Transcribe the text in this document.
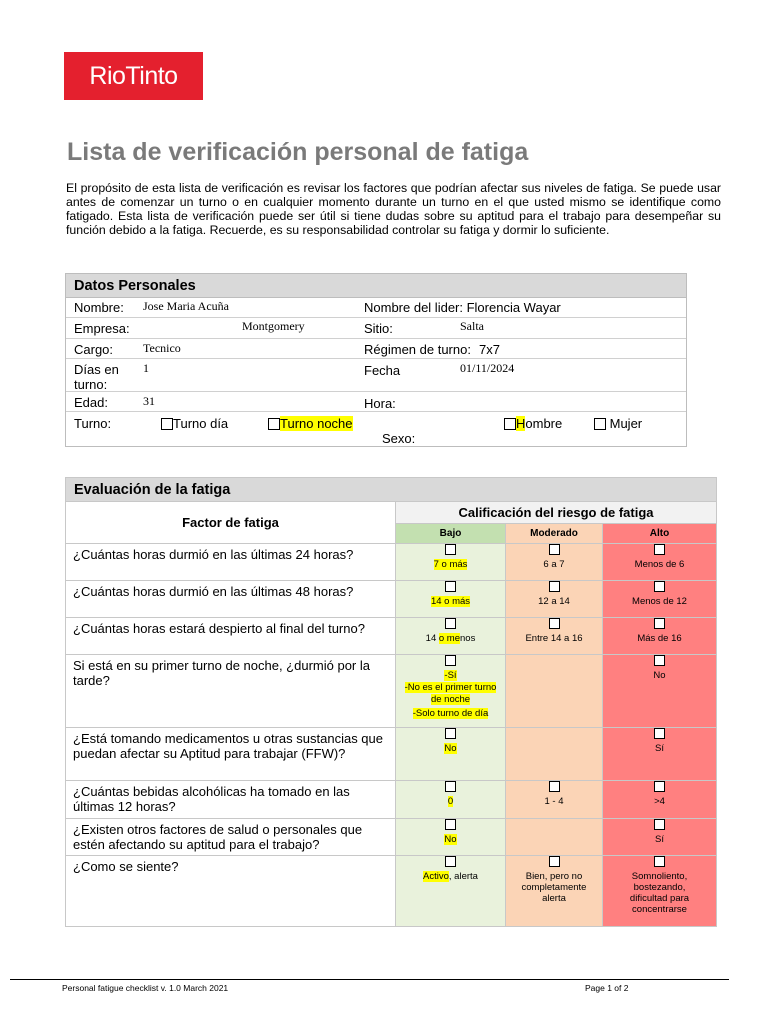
RioTinto
Lista de verificación personal de fatiga

El propósito de esta lista de verificación es revisar los factores que podrían afectar sus niveles de fatiga. Se puede usar antes de comenzar un turno o en cualquier momento durante un turno en el que usted mismo se identifique como fatigado. Esta lista de verificación puede ser útil si tiene dudas sobre su aptitud para el trabajo para desempeñar su función debido a la fatiga. Recuerde, es su responsabilidad controlar su fatiga y dormir lo suficiente.

Datos Personales
Nombre: Jose Maria Acuña	Nombre del lider: Florencia Wayar
Empresa:	Montgomery	Sitio:	Salta
Cargo: Tecnico	Régimen de turno: 7x7
Días en
turno:
1	Fecha	01/11/2024
Edad:	31	Hora:
Turno:	Turno día	Turno noche	Hombre	Mujer
Sexo:
Evaluación de la fatiga			
Factor de fatiga	Calificación del riesgo de fatiga		
	Bajo	Moderado	Alto
¿Cuántas horas durmió en las últimas 24 horas?	7 o más	6 a 7	Menos de 6
¿Cuántas horas durmió en las últimas 48 horas?	14 o más	12 a 14	Menos de 12
¿Cuántas horas estará despierto al final del turno?	14 o menos	Entre 14 a 16	Más de 16
Si está en su primer turno de noche, ¿durmió por la tarde?	-Sí
-No es el primer turno de noche
-Solo turno de día		No
¿Está tomando medicamentos u otras sustancias que puedan afectar su Aptitud para trabajar (FFW)?	No		Sí
¿Cuántas bebidas alcohólicas ha tomado en las últimas 12 horas?	0	1 - 4	>4
¿Existen otros factores de salud o personales que estén afectando su aptitud para el trabajo?	No		Sí
¿Como se siente?	Activo, alerta	Bien, pero no completamente alerta	Somnoliento, bostezando, dificultad para concentrarse
Personal fatigue checklist v. 1.0 March 2021	Page 1 of 2
